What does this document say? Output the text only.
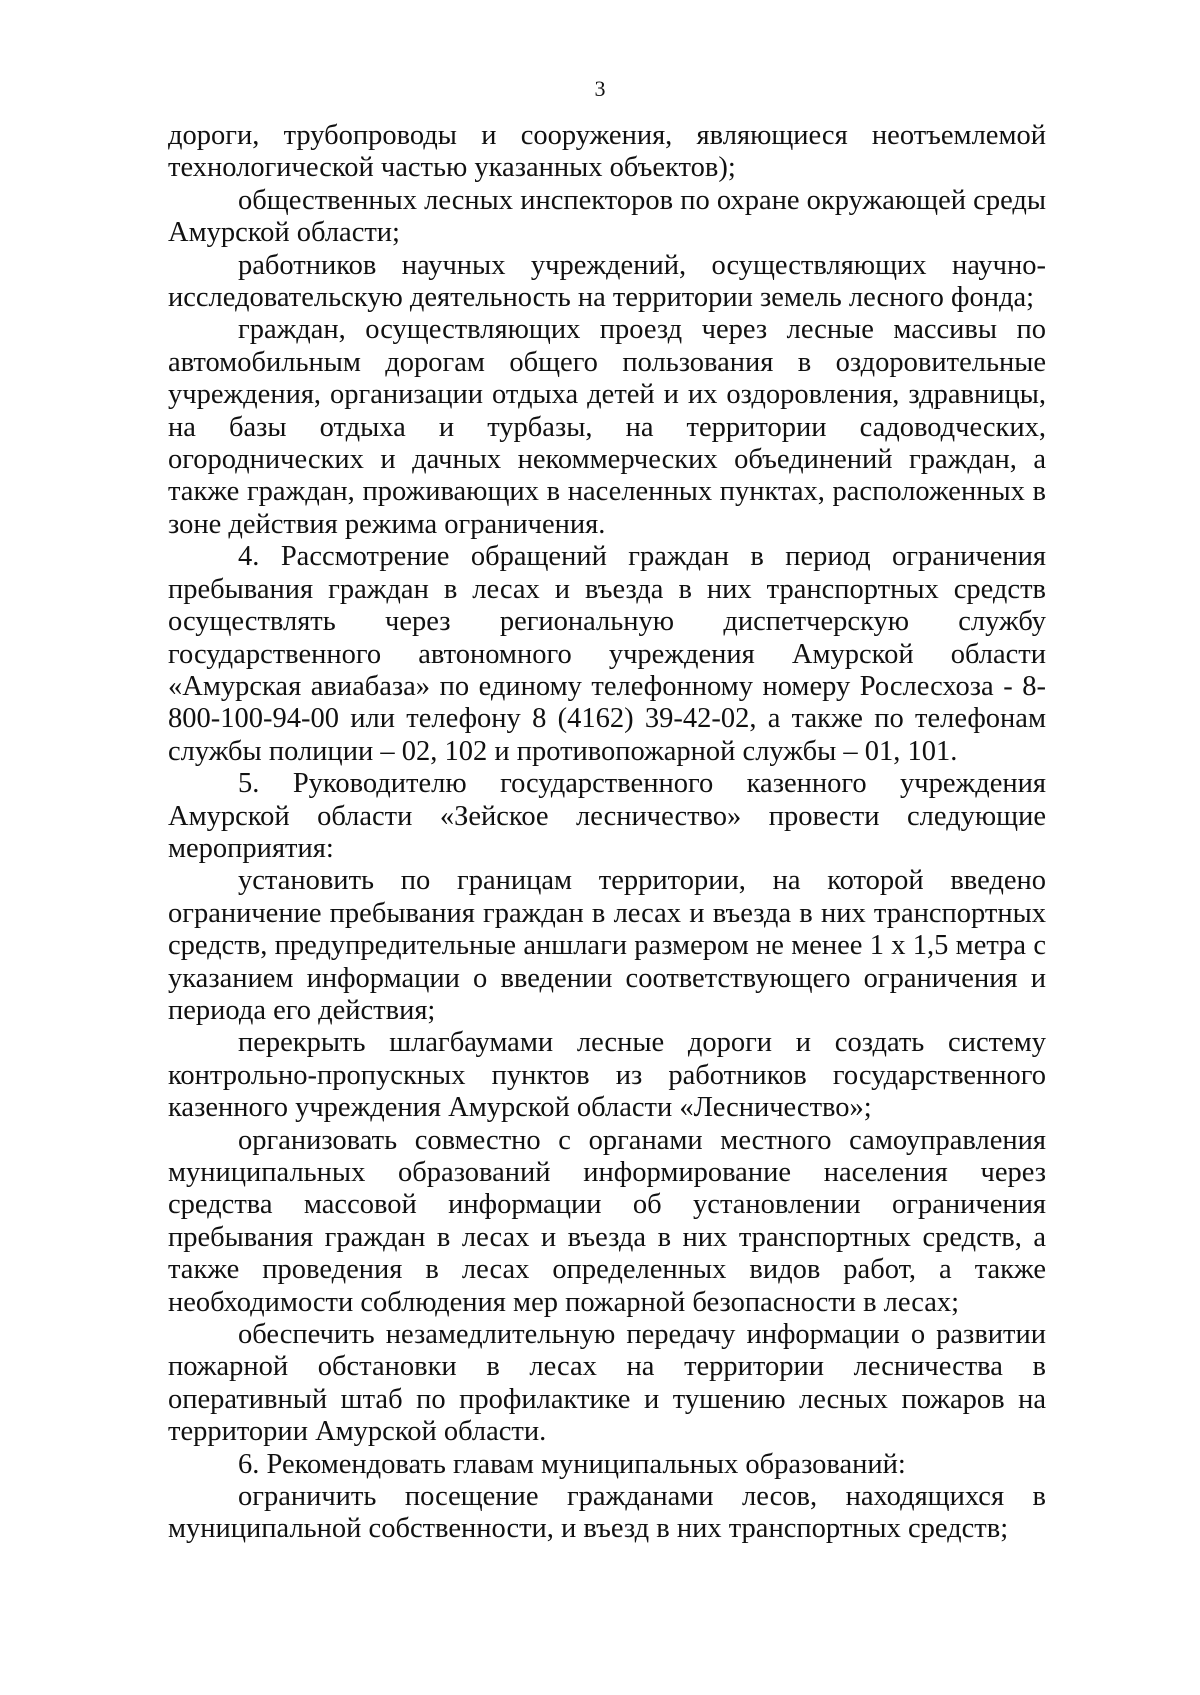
3

дороги, трубопроводы и сооружения, являющиеся неотъемлемой технологической частью указанных объектов);

общественных лесных инспекторов по охране окружающей среды Амурской области;

работников научных учреждений, осуществляющих научно-исследовательскую деятельность на территории земель лесного фонда;

граждан, осуществляющих проезд через лесные массивы по автомобильным дорогам общего пользования в оздоровительные учреждения, организации отдыха детей и их оздоровления, здравницы, на базы отдыха и турбазы, на территории садоводческих, огороднических и дачных некоммерческих объединений граждан, а также граждан, проживающих в населенных пунктах, расположенных в зоне действия режима ограничения.

4. Рассмотрение обращений граждан в период ограничения пребывания граждан в лесах и въезда в них транспортных средств осуществлять через региональную диспетчерскую службу государственного автономного учреждения Амурской области «Амурская авиабаза» по единому телефонному номеру Рослесхоза - 8-800-100-94-00 или телефону 8 (4162) 39-42-02, а также по телефонам службы полиции – 02, 102 и противопожарной службы – 01, 101.

5. Руководителю государственного казенного учреждения Амурской области «Зейское лесничество» провести следующие мероприятия:

установить по границам территории, на которой введено ограничение пребывания граждан в лесах и въезда в них транспортных средств, предупредительные аншлаги размером не менее 1 х 1,5 метра с указанием информации о введении соответствующего ограничения и периода его действия;

перекрыть шлагбаумами лесные дороги и создать систему контрольно-пропускных пунктов из работников государственного казенного учреждения Амурской области «Лесничество»;

организовать совместно с органами местного самоуправления муниципальных образований информирование населения через средства массовой информации об установлении ограничения пребывания граждан в лесах и въезда в них транспортных средств, а также проведения в лесах определенных видов работ, а также необходимости соблюдения мер пожарной безопасности в лесах;

обеспечить незамедлительную передачу информации о развитии пожарной обстановки в лесах на территории лесничества в оперативный штаб по профилактике и тушению лесных пожаров на территории Амурской области.

6. Рекомендовать главам муниципальных образований:

ограничить посещение гражданами лесов, находящихся в муниципальной собственности, и въезд в них транспортных средств;
